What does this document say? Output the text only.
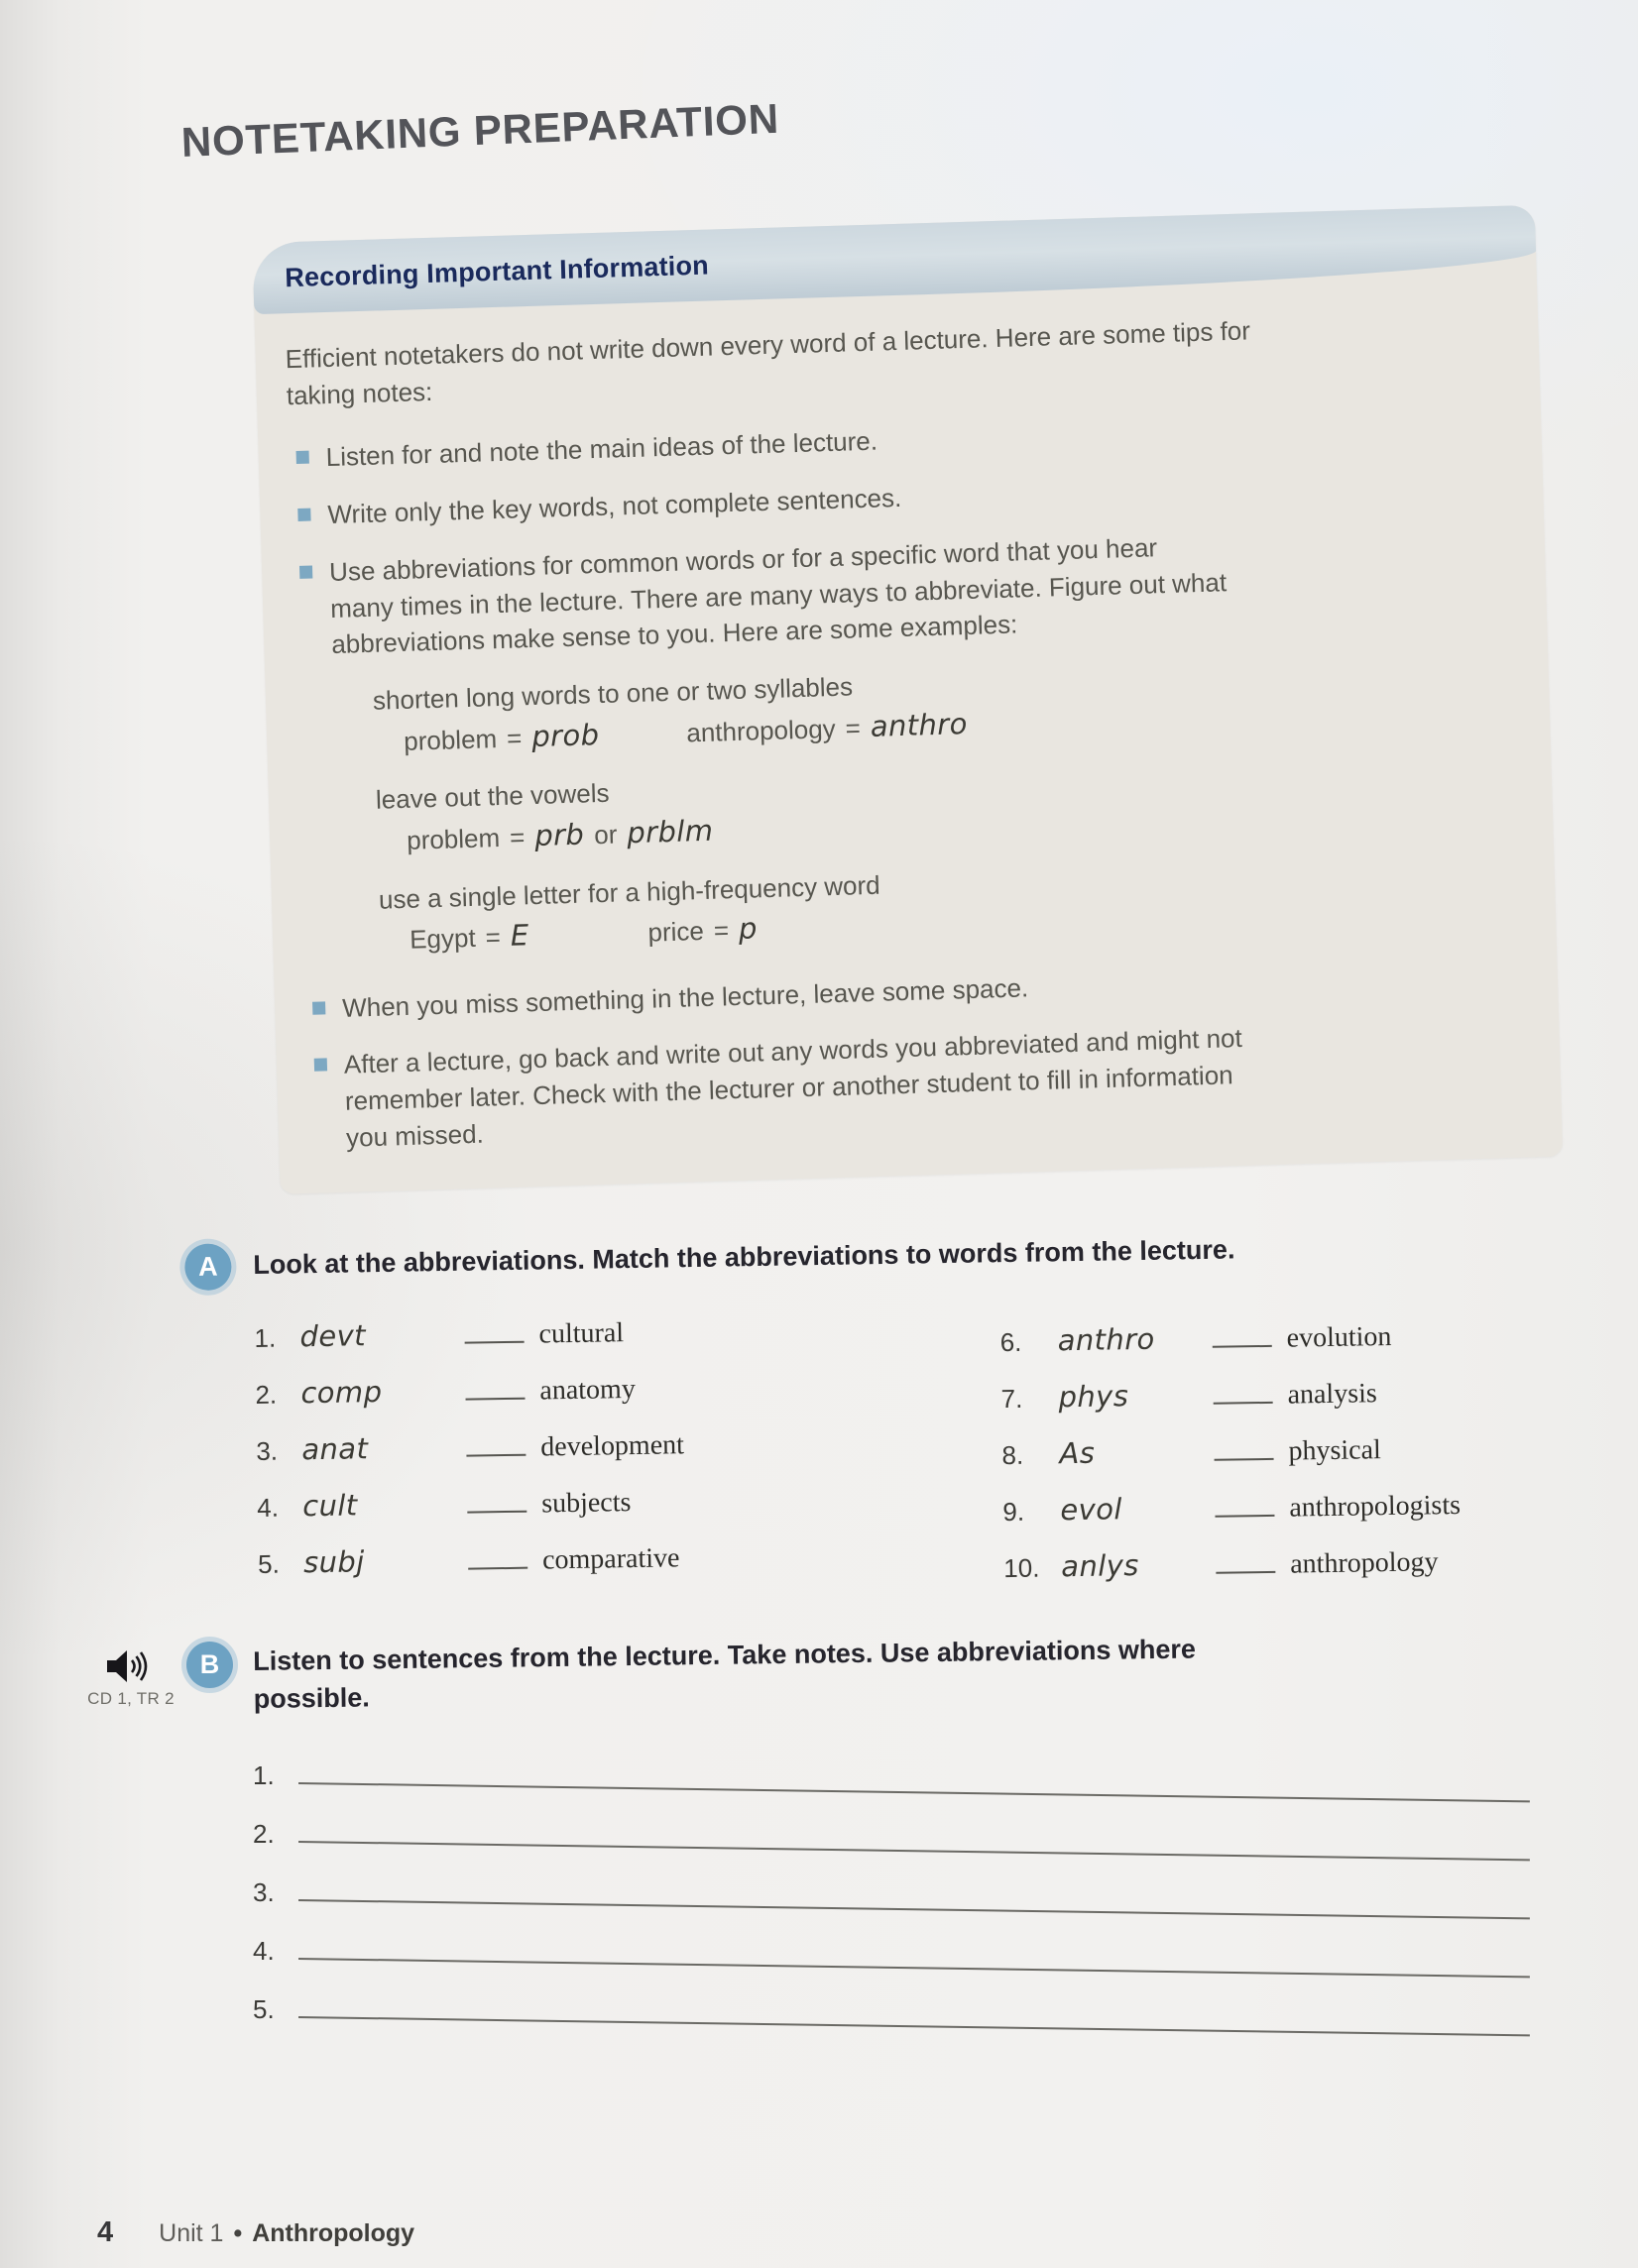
NOTETAKING PREPARATION
Recording Important Information

Efficient notetakers do not write down every word of a lecture. Here are some tips for
taking notes:

Listen for and note the main ideas of the lecture.
Write only the key words, not complete sentences.
Use abbreviations for common words or for a specific word that you hear
many times in the lecture. There are many ways to abbreviate. Figure out what
abbreviations make sense to you. Here are some examples:
shorten long words to one or two syllables
problem = prob	anthropology = anthro
leave out the vowels
problem = prb or prblm
use a single letter for a high-frequency word
Egypt = E	price = p
When you miss something in the lecture, leave some space.
After a lecture, go back and write out any words you abbreviated and might not
remember later. Check with the lecturer or another student to fill in information
you missed.
A	Look at the abbreviations. Match the abbreviations to words from the lecture.

1. devt	cultural
2. comp	anatomy
3. anat	development
4. cult	subjects
5. subj	comparative
6.	anthro	evolution
7.	phys	analysis
8.	As	physical
9.	evol	anthropologists
10. anlys	anthropology
CD 1, TR 2
B	Listen to sentences from the lecture. Take notes. Use abbreviations where
possible.

1.
2.
3.
4.
5.
4 Unit 1 • Anthropology
